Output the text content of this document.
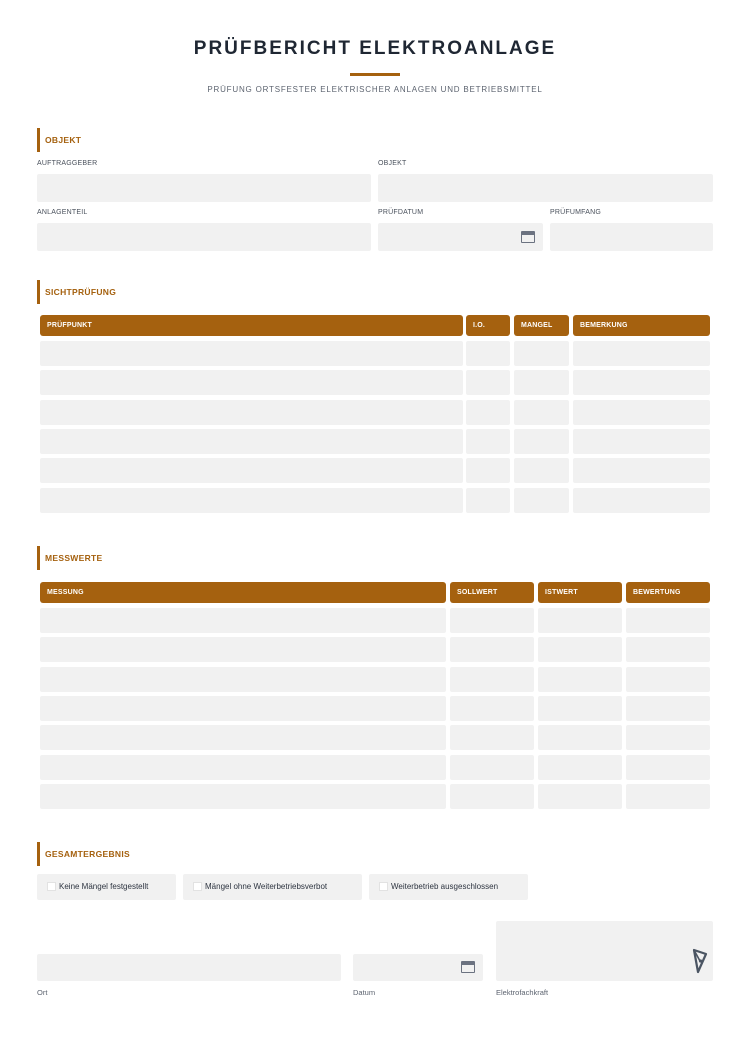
PRÜFBERICHT ELEKTROANLAGE
PRÜFUNG ORTSFESTER ELEKTRISCHER ANLAGEN UND BETRIEBSMITTEL
OBJEKT
AUFTRAGGEBER	OBJEKT
ANLAGENTEIL	PRÜFDATUM	PRÜFUMFANG
SICHTPRÜFUNG
PRÜFPUNKT	I.O.	MANGEL	BEMERKUNG
MESSWERTE
MESSUNG	SOLLWERT	ISTWERT	BEWERTUNG
GESAMTERGEBNIS
Keine Mängel festgestellt	Mängel ohne Weiterbetriebsverbot	Weiterbetrieb ausgeschlossen
Ort	Datum	Elektrofachkraft
